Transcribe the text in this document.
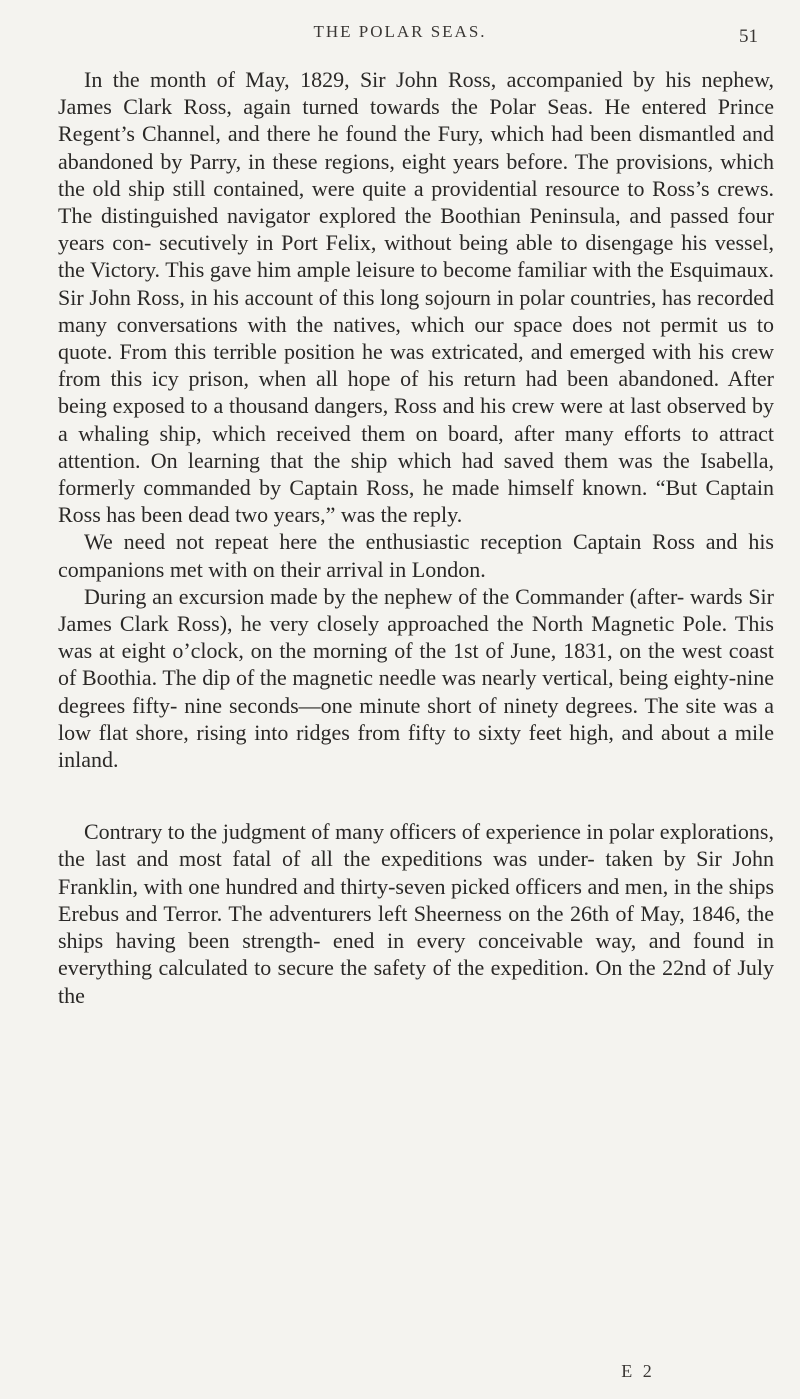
THE POLAR SEAS.	51

In the month of May, 1829, Sir John Ross, accompanied by his nephew, James Clark Ross, again turned towards the Polar Seas. He entered Prince Regent’s Channel, and there he found the Fury, which had been dismantled and abandoned by Parry, in these regions, eight years before. The provisions, which the old ship still contained, were quite a providential resource to Ross’s crews. The distinguished navigator explored the Boothian Peninsula, and passed four years con- secutively in Port Felix, without being able to disengage his vessel, the Victory. This gave him ample leisure to become familiar with the Esquimaux. Sir John Ross, in his account of this long sojourn in polar countries, has recorded many conversations with the natives, which our space does not permit us to quote. From this terrible position he was extricated, and emerged with his crew from this icy prison, when all hope of his return had been abandoned. After being exposed to a thousand dangers, Ross and his crew were at last observed by a whaling ship, which received them on board, after many efforts to attract attention. On learning that the ship which had saved them was the Isabella, formerly commanded by Captain Ross, he made himself known. “But Captain Ross has been dead two years,” was the reply.

We need not repeat here the enthusiastic reception Captain Ross and his companions met with on their arrival in London.

During an excursion made by the nephew of the Commander (after- wards Sir James Clark Ross), he very closely approached the North Magnetic Pole. This was at eight o’clock, on the morning of the 1st of June, 1831, on the west coast of Boothia. The dip of the magnetic needle was nearly vertical, being eighty-nine degrees fifty- nine seconds—one minute short of ninety degrees. The site was a low flat shore, rising into ridges from fifty to sixty feet high, and about a mile inland.

Contrary to the judgment of many officers of experience in polar explorations, the last and most fatal of all the expeditions was under- taken by Sir John Franklin, with one hundred and thirty-seven picked officers and men, in the ships Erebus and Terror. The adventurers left Sheerness on the 26th of May, 1846, the ships having been strength- ened in every conceivable way, and found in everything calculated to secure the safety of the expedition. On the 22nd of July the

E 2
